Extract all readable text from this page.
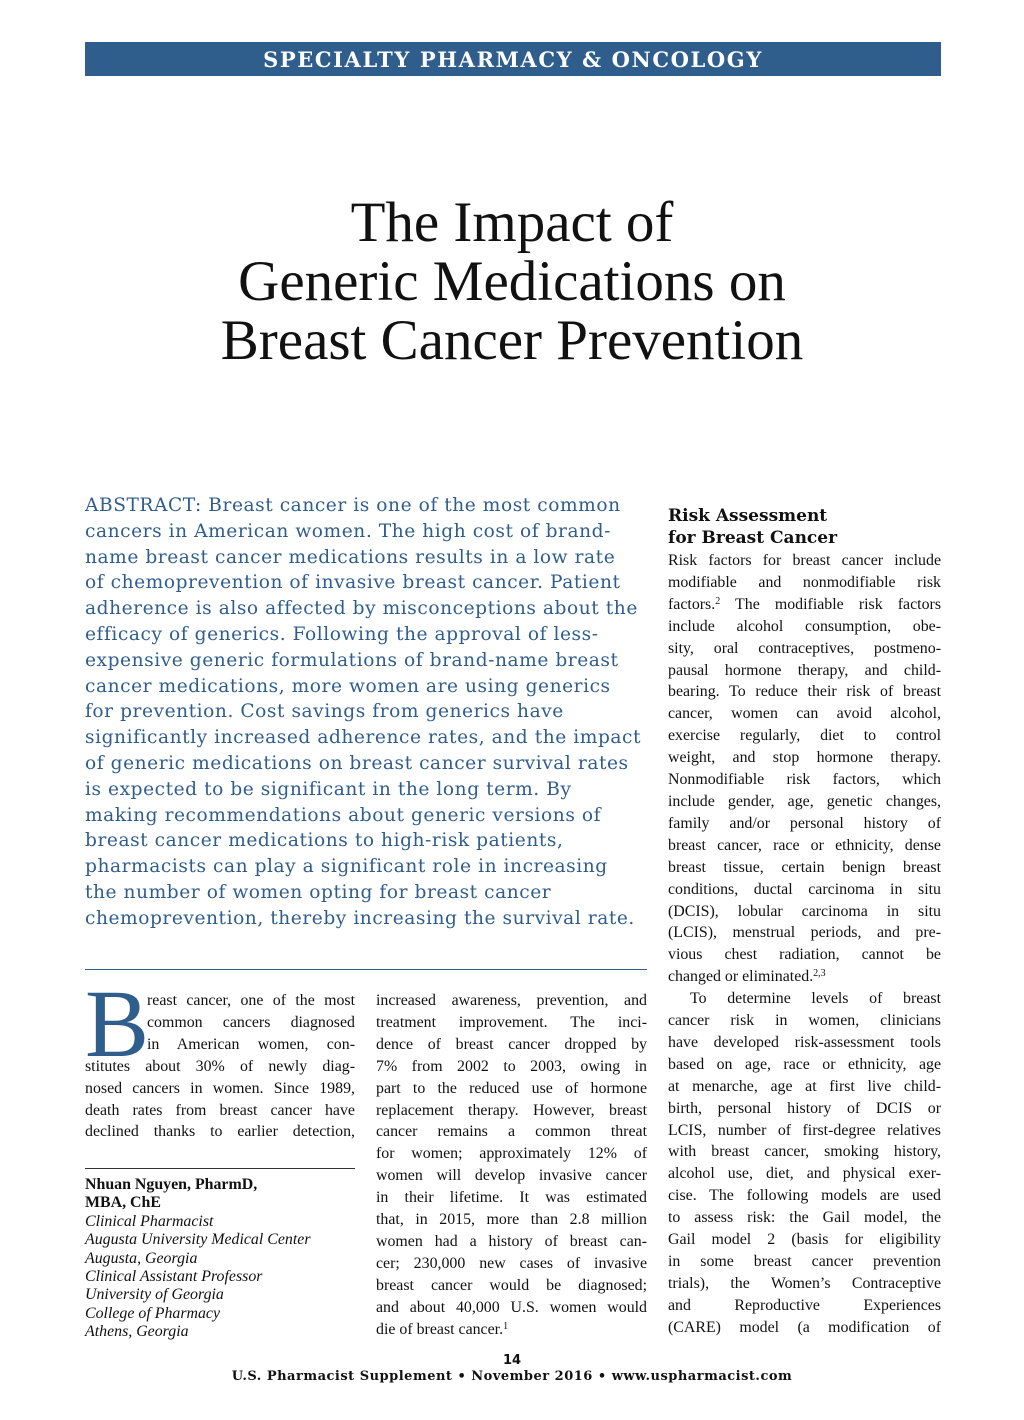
SPECIALTY PHARMACY & ONCOLOGY
The Impact of
Generic Medications on
Breast Cancer Prevention
ABSTRACT: Breast cancer is one of the most common
cancers in American women. The high cost of brand-
name breast cancer medications results in a low rate
of chemoprevention of invasive breast cancer. Patient
adherence is also affected by misconceptions about the
efficacy of generics. Following the approval of less-
expensive generic formulations of brand-name breast
cancer medications, more women are using generics
for prevention. Cost savings from generics have
significantly increased adherence rates, and the impact
of generic medications on breast cancer survival rates
is expected to be significant in the long term. By
making recommendations about generic versions of
breast cancer medications to high-risk patients,
pharmacists can play a significant role in increasing
the number of women opting for breast cancer
chemoprevention, thereby increasing the survival rate.
B
reast cancer, one of the most
common cancers diagnosed
in American women, con-
stitutes about 30% of newly diag-
nosed cancers in women. Since 1989,
death rates from breast cancer have
declined thanks to earlier detection,
Nhuan Nguyen, PharmD,
MBA, ChE
Clinical Pharmacist
Augusta University Medical Center
Augusta, Georgia
Clinical Assistant Professor
University of Georgia
College of Pharmacy
Athens, Georgia
increased awareness, prevention, and
treatment improvement. The inci-
dence of breast cancer dropped by
7% from 2002 to 2003, owing in
part to the reduced use of hormone
replacement therapy. However, breast
cancer remains a common threat
for women; approximately 12% of
women will develop invasive cancer
in their lifetime. It was estimated
that, in 2015, more than 2.8 million
women had a history of breast can-
cer; 230,000 new cases of invasive
breast cancer would be diagnosed;
and about 40,000 U.S. women would
die of breast cancer.$^1$
Risk Assessment
for Breast Cancer
Risk factors for breast cancer include
modifiable and nonmodifiable risk
factors.$^2$ The modifiable risk factors
include alcohol consumption, obe-
sity, oral contraceptives, postmeno-
pausal hormone therapy, and child-
bearing. To reduce their risk of breast
cancer, women can avoid alcohol,
exercise regularly, diet to control
weight, and stop hormone therapy.
Nonmodifiable risk factors, which
include gender, age, genetic changes,
family and/or personal history of
breast cancer, race or ethnicity, dense
breast tissue, certain benign breast
conditions, ductal carcinoma in situ
(DCIS), lobular carcinoma in situ
(LCIS), menstrual periods, and pre-
vious chest radiation, cannot be
changed or eliminated.$^{2,3}$
To determine levels of breast
cancer risk in women, clinicians
have developed risk-assessment tools
based on age, race or ethnicity, age
at menarche, age at first live child-
birth, personal history of DCIS or
LCIS, number of first-degree relatives
with breast cancer, smoking history,
alcohol use, diet, and physical exer-
cise. The following models are used
to assess risk: the Gail model, the
Gail model 2 (basis for eligibility
in some breast cancer prevention
trials), the Women’s Contraceptive
and Reproductive Experiences
(CARE) model (a modification of
14
U.S. Pharmacist Supplement • November 2016 • www.uspharmacist.com
